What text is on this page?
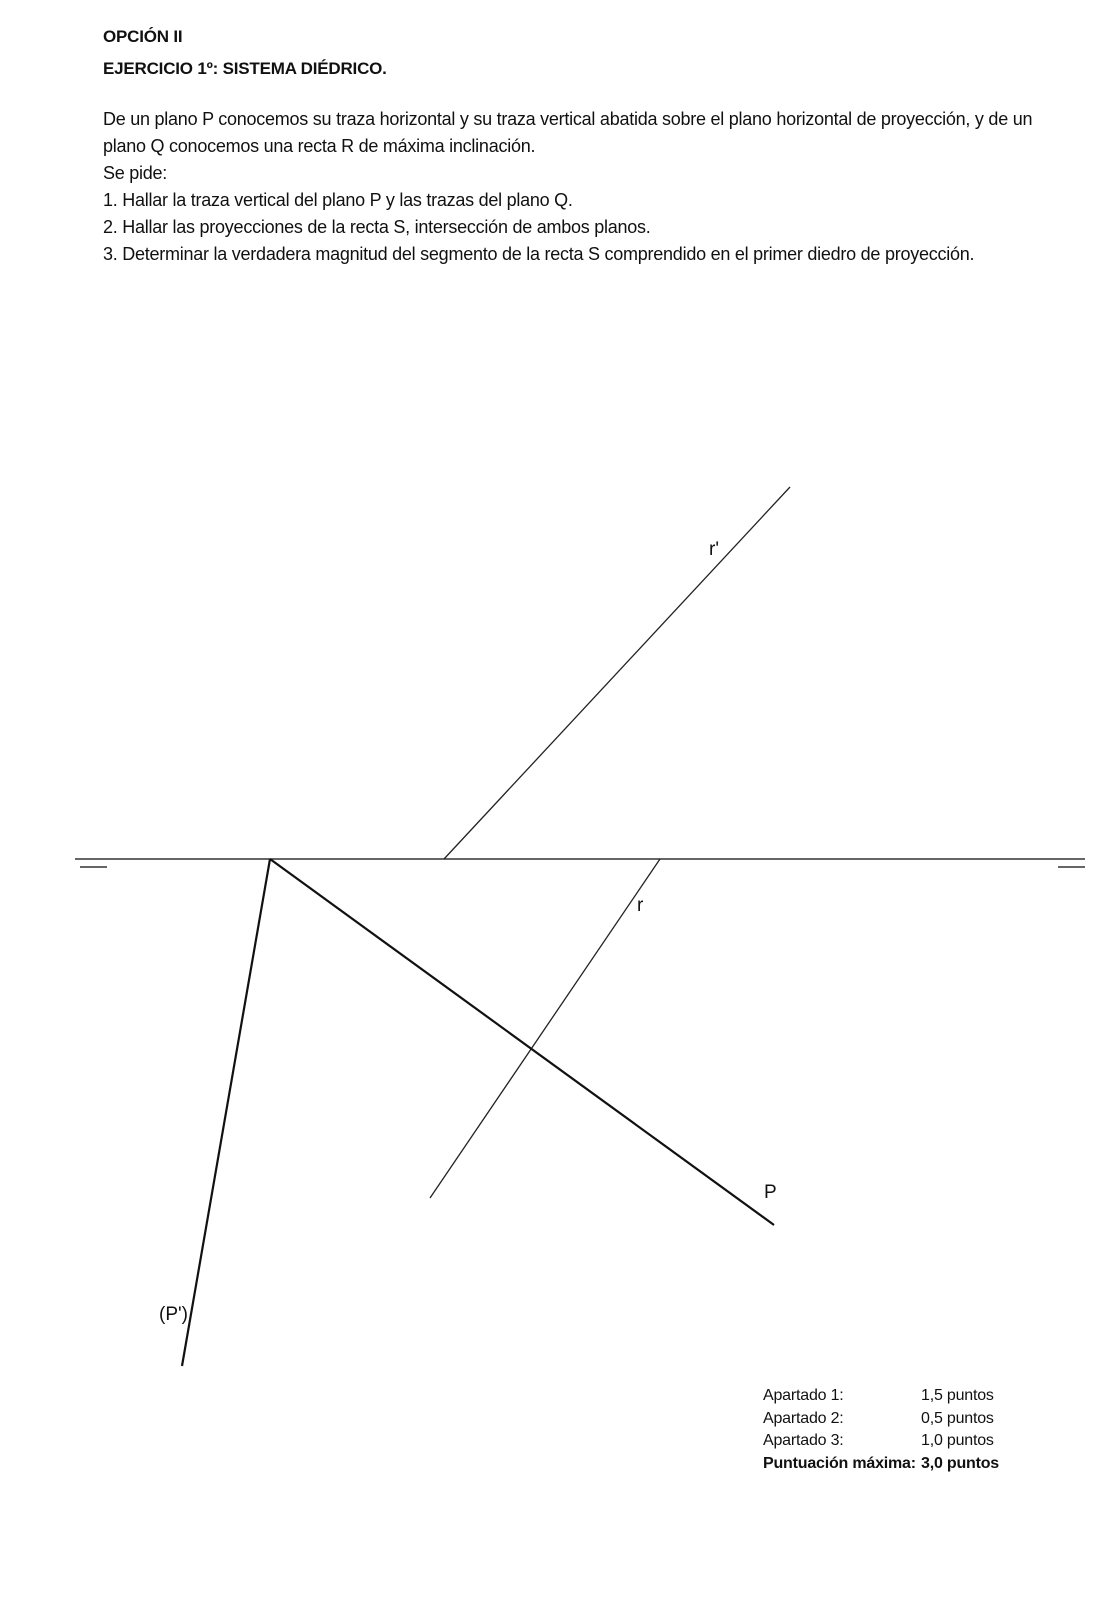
OPCIÓN II
EJERCICIO 1º: SISTEMA DIÉDRICO.

De un plano P conocemos su traza horizontal y su traza vertical abatida sobre el plano horizontal de proyección, y de un plano Q conocemos una recta R de máxima inclinación.

Se pide:

1. Hallar la traza vertical del plano P y las trazas del plano Q.

2. Hallar las proyecciones de la recta S, intersección de ambos planos.

3. Determinar la verdadera magnitud del segmento de la recta S comprendido en el primer diedro de proyección.

r'
r
P
(P')
Apartado 1:	1,5 puntos
Apartado 2:	0,5 puntos
Apartado 3:	1,0 puntos
Puntuación máxima: 3,0 puntos
